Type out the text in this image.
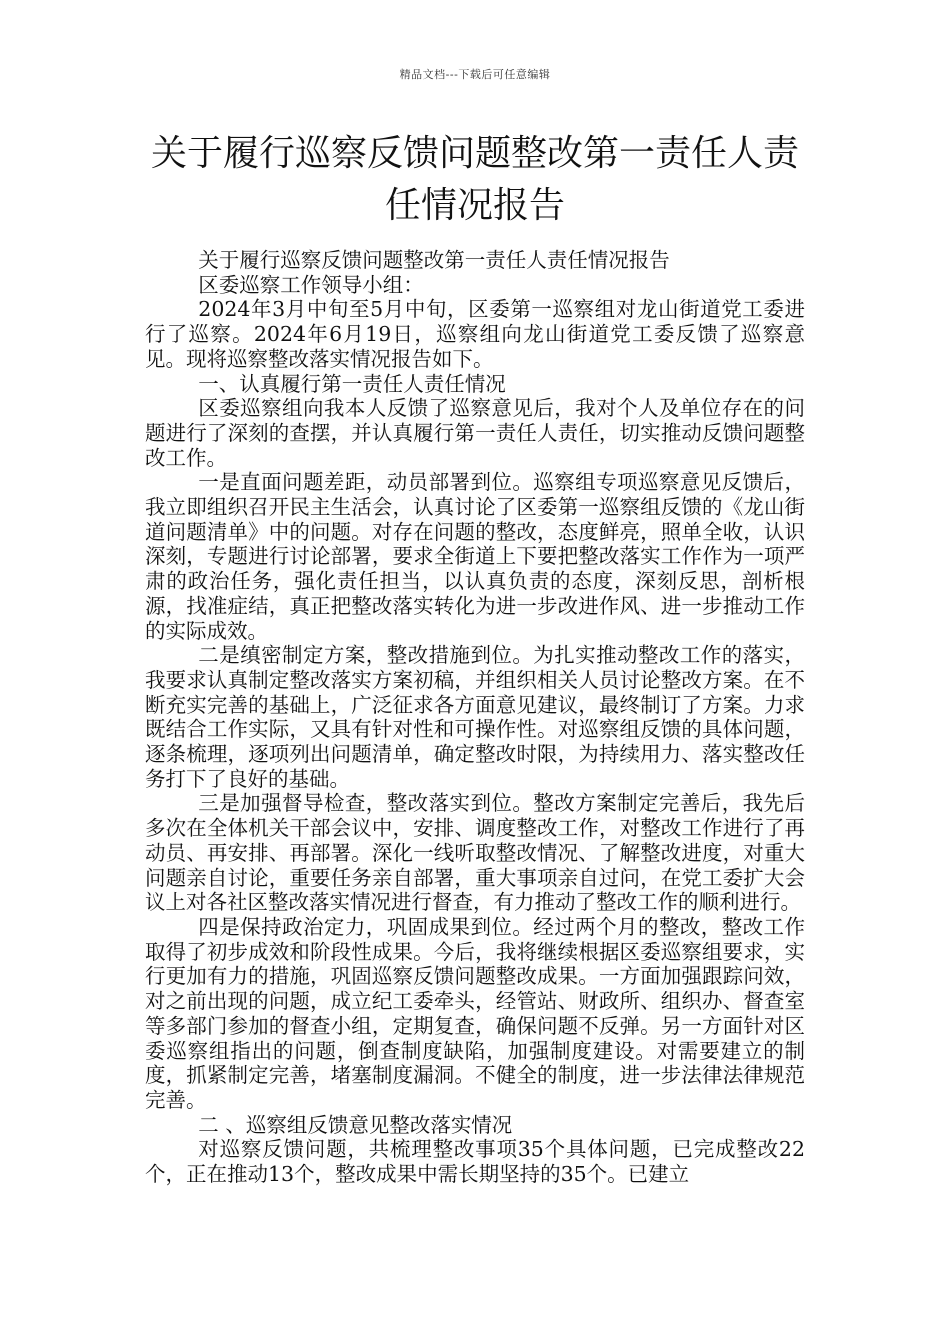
精品文档---下载后可任意编辑
关于履行巡察反馈问题整改第一责任人责任情况报告

关于履行巡察反馈问题整改第一责任人责任情况报告

区委巡察工作领导小组：

2024年3月中旬至5月中旬，区委第一巡察组对龙山街道党工委进行了巡察。2024年6月19日，巡察组向龙山街道党工委反馈了巡察意见。现将巡察整改落实情况报告如下。

一、认真履行第一责任人责任情况

区委巡察组向我本人反馈了巡察意见后，我对个人及单位存在的问题进行了深刻的查摆，并认真履行第一责任人责任，切实推动反馈问题整改工作。

一是直面问题差距，动员部署到位。巡察组专项巡察意见反馈后，我立即组织召开民主生活会，认真讨论了区委第一巡察组反馈的《龙山街道问题清单》中的问题。对存在问题的整改，态度鲜亮，照单全收，认识深刻，专题进行讨论部署，要求全街道上下要把整改落实工作作为一项严肃的政治任务，强化责任担当，以认真负责的态度，深刻反思，剖析根源，找准症结，真正把整改落实转化为进一步改进作风、进一步推动工作的实际成效。

二是缜密制定方案，整改措施到位。为扎实推动整改工作的落实，我要求认真制定整改落实方案初稿，并组织相关人员讨论整改方案。在不断充实完善的基础上，广泛征求各方面意见建议，最终制订了方案。力求既结合工作实际，又具有针对性和可操作性。对巡察组反馈的具体问题，逐条梳理，逐项列出问题清单，确定整改时限，为持续用力、落实整改任务打下了良好的基础。

三是加强督导检查，整改落实到位。整改方案制定完善后，我先后多次在全体机关干部会议中，安排、调度整改工作，对整改工作进行了再动员、再安排、再部署。深化一线听取整改情况、了解整改进度，对重大问题亲自讨论，重要任务亲自部署，重大事项亲自过问，在党工委扩大会议上对各社区整改落实情况进行督查，有力推动了整改工作的顺利进行。

四是保持政治定力，巩固成果到位。经过两个月的整改，整改工作取得了初步成效和阶段性成果。今后，我将继续根据区委巡察组要求，实行更加有力的措施，巩固巡察反馈问题整改成果。一方面加强跟踪问效，对之前出现的问题，成立纪工委牵头，经管站、财政所、组织办、督查室等多部门参加的督查小组，定期复查，确保问题不反弹。另一方面针对区委巡察组指出的问题，倒查制度缺陷，加强制度建设。对需要建立的制度，抓紧制定完善，堵塞制度漏洞。不健全的制度，进一步法律法律规范完善。

二 、巡察组反馈意见整改落实情况

对巡察反馈问题，共梳理整改事项35个具体问题，已完成整改22个，正在推动13个，整改成果中需长期坚持的35个。已建立
